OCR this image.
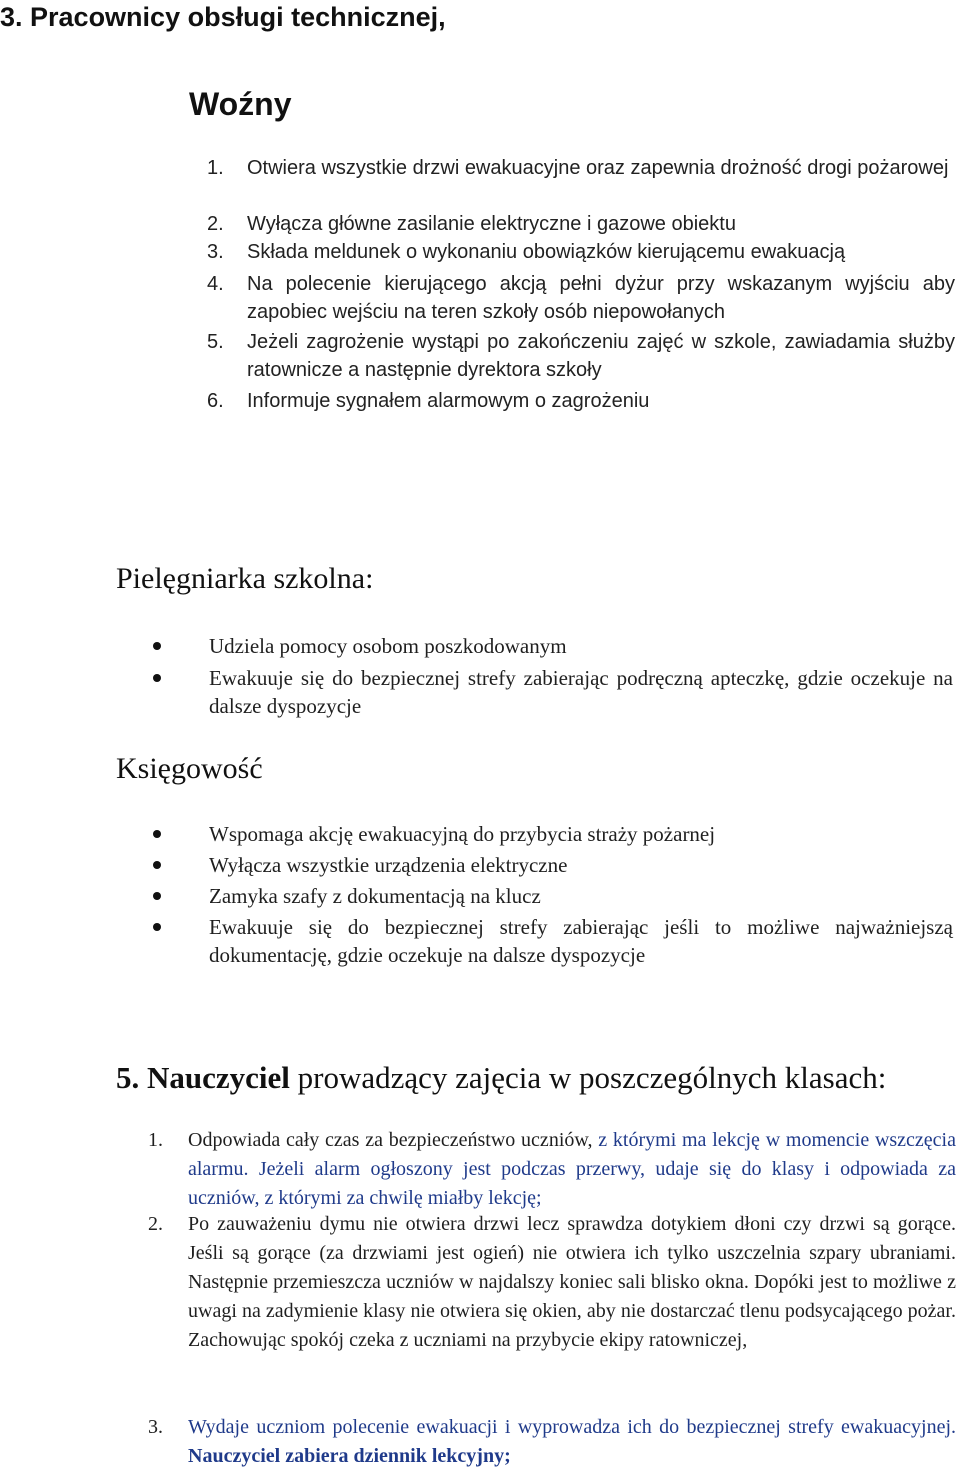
3. Pracownicy obsługi technicznej,
Woźny
1. Otwiera wszystkie drzwi ewakuacyjne oraz zapewnia drożność drogi pożarowej
2. Wyłącza główne zasilanie elektryczne i gazowe obiektu
3. Składa meldunek o wykonaniu obowiązków kierującemu ewakuacją
4. Na polecenie kierującego akcją pełni dyżur przy wskazanym wyjściu aby zapobiec wejściu na teren szkoły osób niepowołanych
5. Jeżeli zagrożenie wystąpi po zakończeniu zajęć w szkole, zawiadamia służby ratownicze a następnie dyrektora szkoły
6. Informuje sygnałem alarmowym o zagrożeniu
Pielęgniarka szkolna:
Udziela pomocy osobom poszkodowanym
Ewakuuje się do bezpiecznej strefy zabierając podręczną apteczkę, gdzie oczekuje na dalsze dyspozycje
Księgowość
Wspomaga akcję ewakuacyjną do przybycia straży pożarnej
Wyłącza wszystkie urządzenia elektryczne
Zamyka szafy z dokumentacją na klucz
Ewakuuje się do bezpiecznej strefy zabierając jeśli to możliwe najważniejszą dokumentację, gdzie oczekuje na dalsze dyspozycje
5. Nauczyciel prowadzący zajęcia w poszczególnych klasach:
1. Odpowiada cały czas za bezpieczeństwo uczniów, z którymi ma lekcję w momencie wszczęcia alarmu. Jeżeli alarm ogłoszony jest podczas przerwy, udaje się do klasy i odpowiada za uczniów, z którymi za chwilę miałby lekcję;
2. Po zauważeniu dymu nie otwiera drzwi lecz sprawdza dotykiem dłoni czy drzwi są gorące. Jeśli są gorące (za drzwiami jest ogień) nie otwiera ich tylko uszczelnia szpary ubraniami. Następnie przemieszcza uczniów w najdalszy koniec sali blisko okna. Dopóki jest to możliwe z uwagi na zadymienie klasy nie otwiera się okien, aby nie dostarczać tlenu podsycającego pożar. Zachowując spokój czeka z uczniami na przybycie ekipy ratowniczej,
3. Wydaje uczniom polecenie ewakuacji i wyprowadza ich do bezpiecznej strefy ewakuacyjnej. Nauczyciel zabiera dziennik lekcyjny;
